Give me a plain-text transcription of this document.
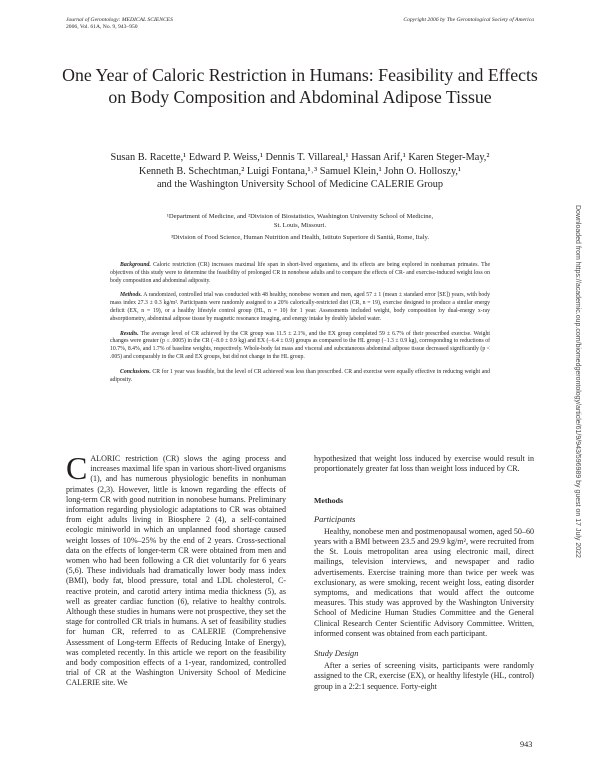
Journal of Gerontology: MEDICAL SCIENCES
2006, Vol. 61A, No. 9, 943–950
Copyright 2006 by The Gerontological Society of America
One Year of Caloric Restriction in Humans: Feasibility and Effects on Body Composition and Abdominal Adipose Tissue
Susan B. Racette,¹ Edward P. Weiss,¹ Dennis T. Villareal,¹ Hassan Arif,¹ Karen Steger-May,²
Kenneth B. Schechtman,² Luigi Fontana,¹˒³ Samuel Klein,¹ John O. Holloszy,¹
and the Washington University School of Medicine CALERIE Group
¹Department of Medicine, and ²Division of Biostatistics, Washington University School of Medicine,
St. Louis, Missouri.
³Division of Food Science, Human Nutrition and Health, Istituto Superiore di Sanità, Rome, Italy.

Background. Caloric restriction (CR) increases maximal life span in short-lived organisms, and its effects are being explored in nonhuman primates. The objectives of this study were to determine the feasibility of prolonged CR in nonobese adults and to compare the effects of CR- and exercise-induced weight loss on body composition and abdominal adiposity.

Methods. A randomized, controlled trial was conducted with 48 healthy, nonobese women and men, aged 57 ± 1 (mean ± standard error [SE]) years, with body mass index 27.3 ± 0.3 kg/m². Participants were randomly assigned to a 20% calorically-restricted diet (CR, n = 19), exercise designed to produce a similar energy deficit (EX, n = 19), or a healthy lifestyle control group (HL, n = 10) for 1 year. Assessments included weight, body composition by dual-energy x-ray absorptiometry, abdominal adipose tissue by magnetic resonance imaging, and energy intake by doubly labeled water.

Results. The average level of CR achieved by the CR group was 11.5 ± 2.1%, and the EX group completed 59 ± 6.7% of their prescribed exercise. Weight changes were greater (p ≤ .0005) in the CR (−8.0 ± 0.9 kg) and EX (−6.4 ± 0.9) groups as compared to the HL group (−1.3 ± 0.9 kg), corresponding to reductions of 10.7%, 8.4%, and 1.7% of baseline weights, respectively. Whole-body fat mass and visceral and subcutaneous abdominal adipose tissue decreased significantly (p < .005) and comparably in the CR and EX groups, but did not change in the HL group.

Conclusions. CR for 1 year was feasible, but the level of CR achieved was less than prescribed. CR and exercise were equally effective in reducing weight and adiposity.

CALORIC restriction (CR) slows the aging process and increases maximal life span in various short-lived organisms (1), and has numerous physiologic benefits in nonhuman primates (2,3). However, little is known regarding the effects of long-term CR with good nutrition in nonobese humans. Preliminary information regarding physiologic adaptations to CR was obtained from eight adults living in Biosphere 2 (4), a self-contained ecologic miniworld in which an unplanned food shortage caused weight losses of 10%–25% by the end of 2 years. Cross-sectional data on the effects of longer-term CR were obtained from men and women who had been following a CR diet voluntarily for 6 years (5,6). These individuals had dramatically lower body mass index (BMI), body fat, blood pressure, total and LDL cholesterol, C-reactive protein, and carotid artery intima media thickness (5), as well as greater cardiac function (6), relative to healthy controls. Although these studies in humans were not prospective, they set the stage for controlled CR trials in humans. A set of feasibility studies for human CR, referred to as CALERIE (Comprehensive Assessment of Long-term Effects of Reducing Intake of Energy), was completed recently. In this article we report on the feasibility and body composition effects of a 1-year, randomized, controlled trial of CR at the Washington University School of Medicine CALERIE site. We

hypothesized that weight loss induced by exercise would result in proportionately greater fat loss than weight loss induced by CR.

Methods
Participants

Healthy, nonobese men and postmenopausal women, aged 50–60 years with a BMI between 23.5 and 29.9 kg/m², were recruited from the St. Louis metropolitan area using electronic mail, direct mailings, television interviews, and newspaper and radio advertisements. Exercise training more than twice per week was exclusionary, as were smoking, recent weight loss, eating disorder symptoms, and medications that would affect the outcome measures. This study was approved by the Washington University School of Medicine Human Studies Committee and the General Clinical Research Center Scientific Advisory Committee. Written, informed consent was obtained from each participant.

Study Design

After a series of screening visits, participants were randomly assigned to the CR, exercise (EX), or healthy lifestyle (HL, control) group in a 2:2:1 sequence. Forty-eight

943
Downloaded from https://academic.oup.com/biomedgerontology/article/61/9/943/596989 by guest on 17 July 2022
